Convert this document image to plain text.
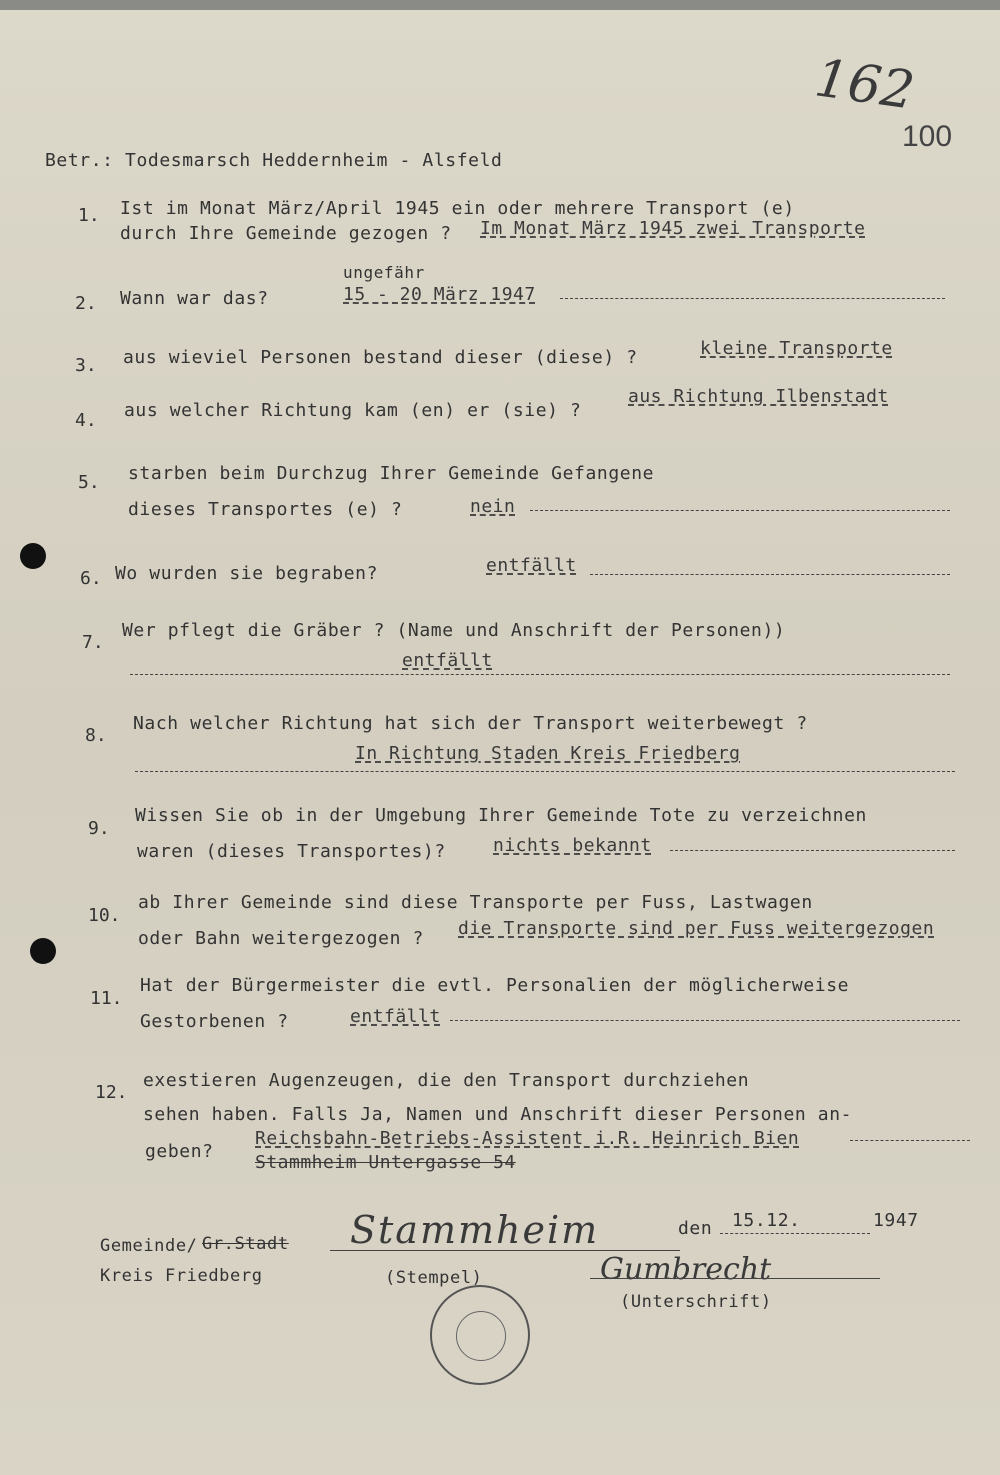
162
100
Betr.: Todesmarsch Heddernheim - Alsfeld
1. Ist im Monat März/April 1945 ein oder mehrere Transport (e)
durch Ihre Gemeinde gezogen ? Im Monat März 1945 zwei Transporte
2. Wann war das?
ungefähr
15 - 20 März 1947
3. aus wieviel Personen bestand dieser (diese) ?	kleine Transporte
4. aus welcher Richtung kam (en) er (sie) ?
aus Richtung Ilbenstadt
5. starben beim Durchzug Ihrer Gemeinde Gefangene
dieses Transportes (e) ?	nein
6. Wo wurden sie begraben?	entfällt
7.
Wer pflegt die Gräber ? (Name und Anschrift der Personen))
entfällt
8.
Nach welcher Richtung hat sich der Transport weiterbewegt ?
In Richtung Staden Kreis Friedberg
9.
Wissen Sie ob in der Umgebung Ihrer Gemeinde Tote zu verzeichnen
waren (dieses Transportes)?	nichts bekannt
10.
ab Ihrer Gemeinde sind diese Transporte per Fuss, Lastwagen
oder Bahn weitergezogen ? die Transporte sind per Fuss weitergezogen
11.
Hat der Bürgermeister die evtl. Personalien der möglicherweise
Gestorbenen ?	entfällt
12.
exestieren Augenzeugen, die den Transport durchziehen
sehen haben. Falls Ja, Namen und Anschrift dieser Personen an-
geben?
Reichsbahn-Betriebs-Assistent i.R. Heinrich Bien
Stammheim Untergasse 54
Gemeinde/ Gr.Stadt Stammheim	den 15.12.	1947
Kreis Friedberg	(Stempel)	Gumbrecht
(Unterschrift)
